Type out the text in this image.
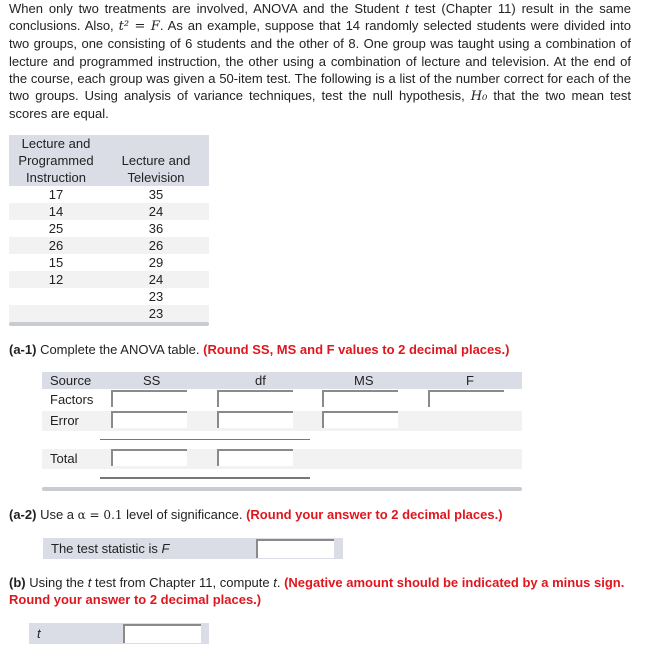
When only two treatments are involved, ANOVA and the Student t test (Chapter 11) result in the same conclusions. Also, t² = F. As an example, suppose that 14 randomly selected students were divided into two groups, one consisting of 6 students and the other of 8. One group was taught using a combination of lecture and programmed instruction, the other using a combination of lecture and television. At the end of the course, each group was given a 50-item test. The following is a list of the number correct for each of the two groups. Using analysis of variance techniques, test the null hypothesis, H₀ that the two mean test scores are equal.
Lecture and Programmed Instruction	Lecture and Television
17	35
14	24
25	36
26	26
15	29
12	24
	23
	23

(a-1) Complete the ANOVA table. (Round SS, MS and F values to 2 decimal places.)
Source	SS	df	MS	F
Factors
Error
Total
(a-2) Use a α = 0.1 level of significance. (Round your answer to 2 decimal places.)
The test statistic is F
(b) Using the t test from Chapter 11, compute t. (Negative amount should be indicated by a minus sign. Round your answer to 2 decimal places.)
t
